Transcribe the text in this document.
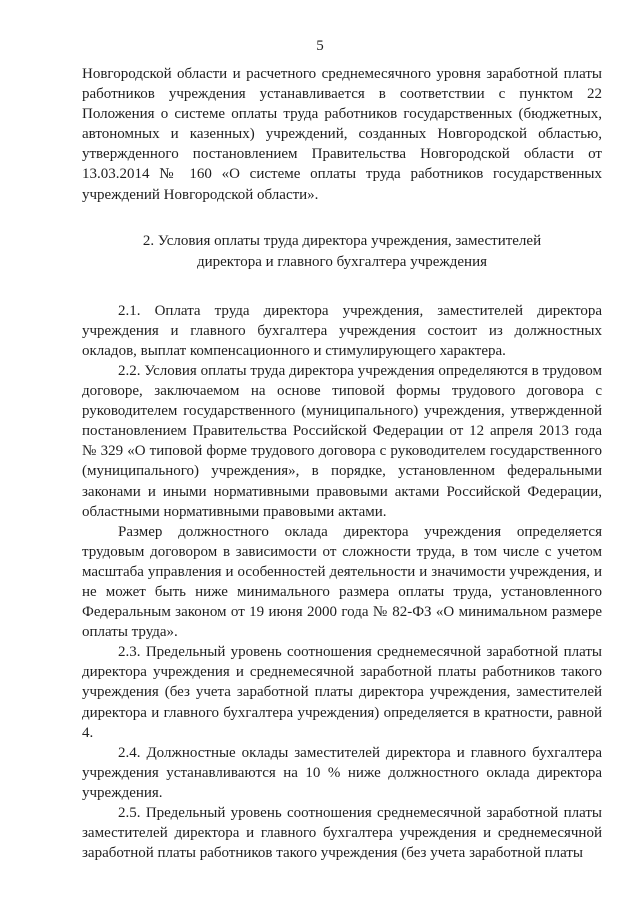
5

Новгородской области и расчетного среднемесячного уровня заработной платы работников учреждения устанавливается в соответствии с пунктом 22 Положения о системе оплаты труда работников государственных (бюджетных, автономных и казенных) учреждений, созданных Новгородской областью, утвержденного постановлением Правительства Новгородской области от 13.03.2014 № 160 «О системе оплаты труда работников государственных учреждений Новгородской области».

2. Условия оплаты труда директора учреждения, заместителей
директора и главного бухгалтера учреждения

2.1. Оплата труда директора учреждения, заместителей директора учреждения и главного бухгалтера учреждения состоит из должностных окладов, выплат компенсационного и стимулирующего характера.

2.2. Условия оплаты труда директора учреждения определяются в трудовом договоре, заключаемом на основе типовой формы трудового договора с руководителем государственного (муниципального) учреждения, утвержденной постановлением Правительства Российской Федерации от 12 апреля 2013 года № 329 «О типовой форме трудового договора с руководителем государственного (муниципального) учреждения», в порядке, установленном федеральными законами и иными нормативными правовыми актами Российской Федерации, областными нормативными правовыми актами.

Размер должностного оклада директора учреждения определяется трудовым договором в зависимости от сложности труда, в том числе с учетом масштаба управления и особенностей деятельности и значимости учреждения, и не может быть ниже минимального размера оплаты труда, установленного Федеральным законом от 19 июня 2000 года № 82-ФЗ «О минимальном размере оплаты труда».

2.3. Предельный уровень соотношения среднемесячной заработной платы директора учреждения и среднемесячной заработной платы работников такого учреждения (без учета заработной платы директора учреждения, заместителей директора и главного бухгалтера учреждения) определяется в кратности, равной 4.

2.4. Должностные оклады заместителей директора и главного бухгалтера учреждения устанавливаются на 10 % ниже должностного оклада директора учреждения.

2.5. Предельный уровень соотношения среднемесячной заработной платы заместителей директора и главного бухгалтера учреждения и среднемесячной заработной платы работников такого учреждения (без учета заработной платы
